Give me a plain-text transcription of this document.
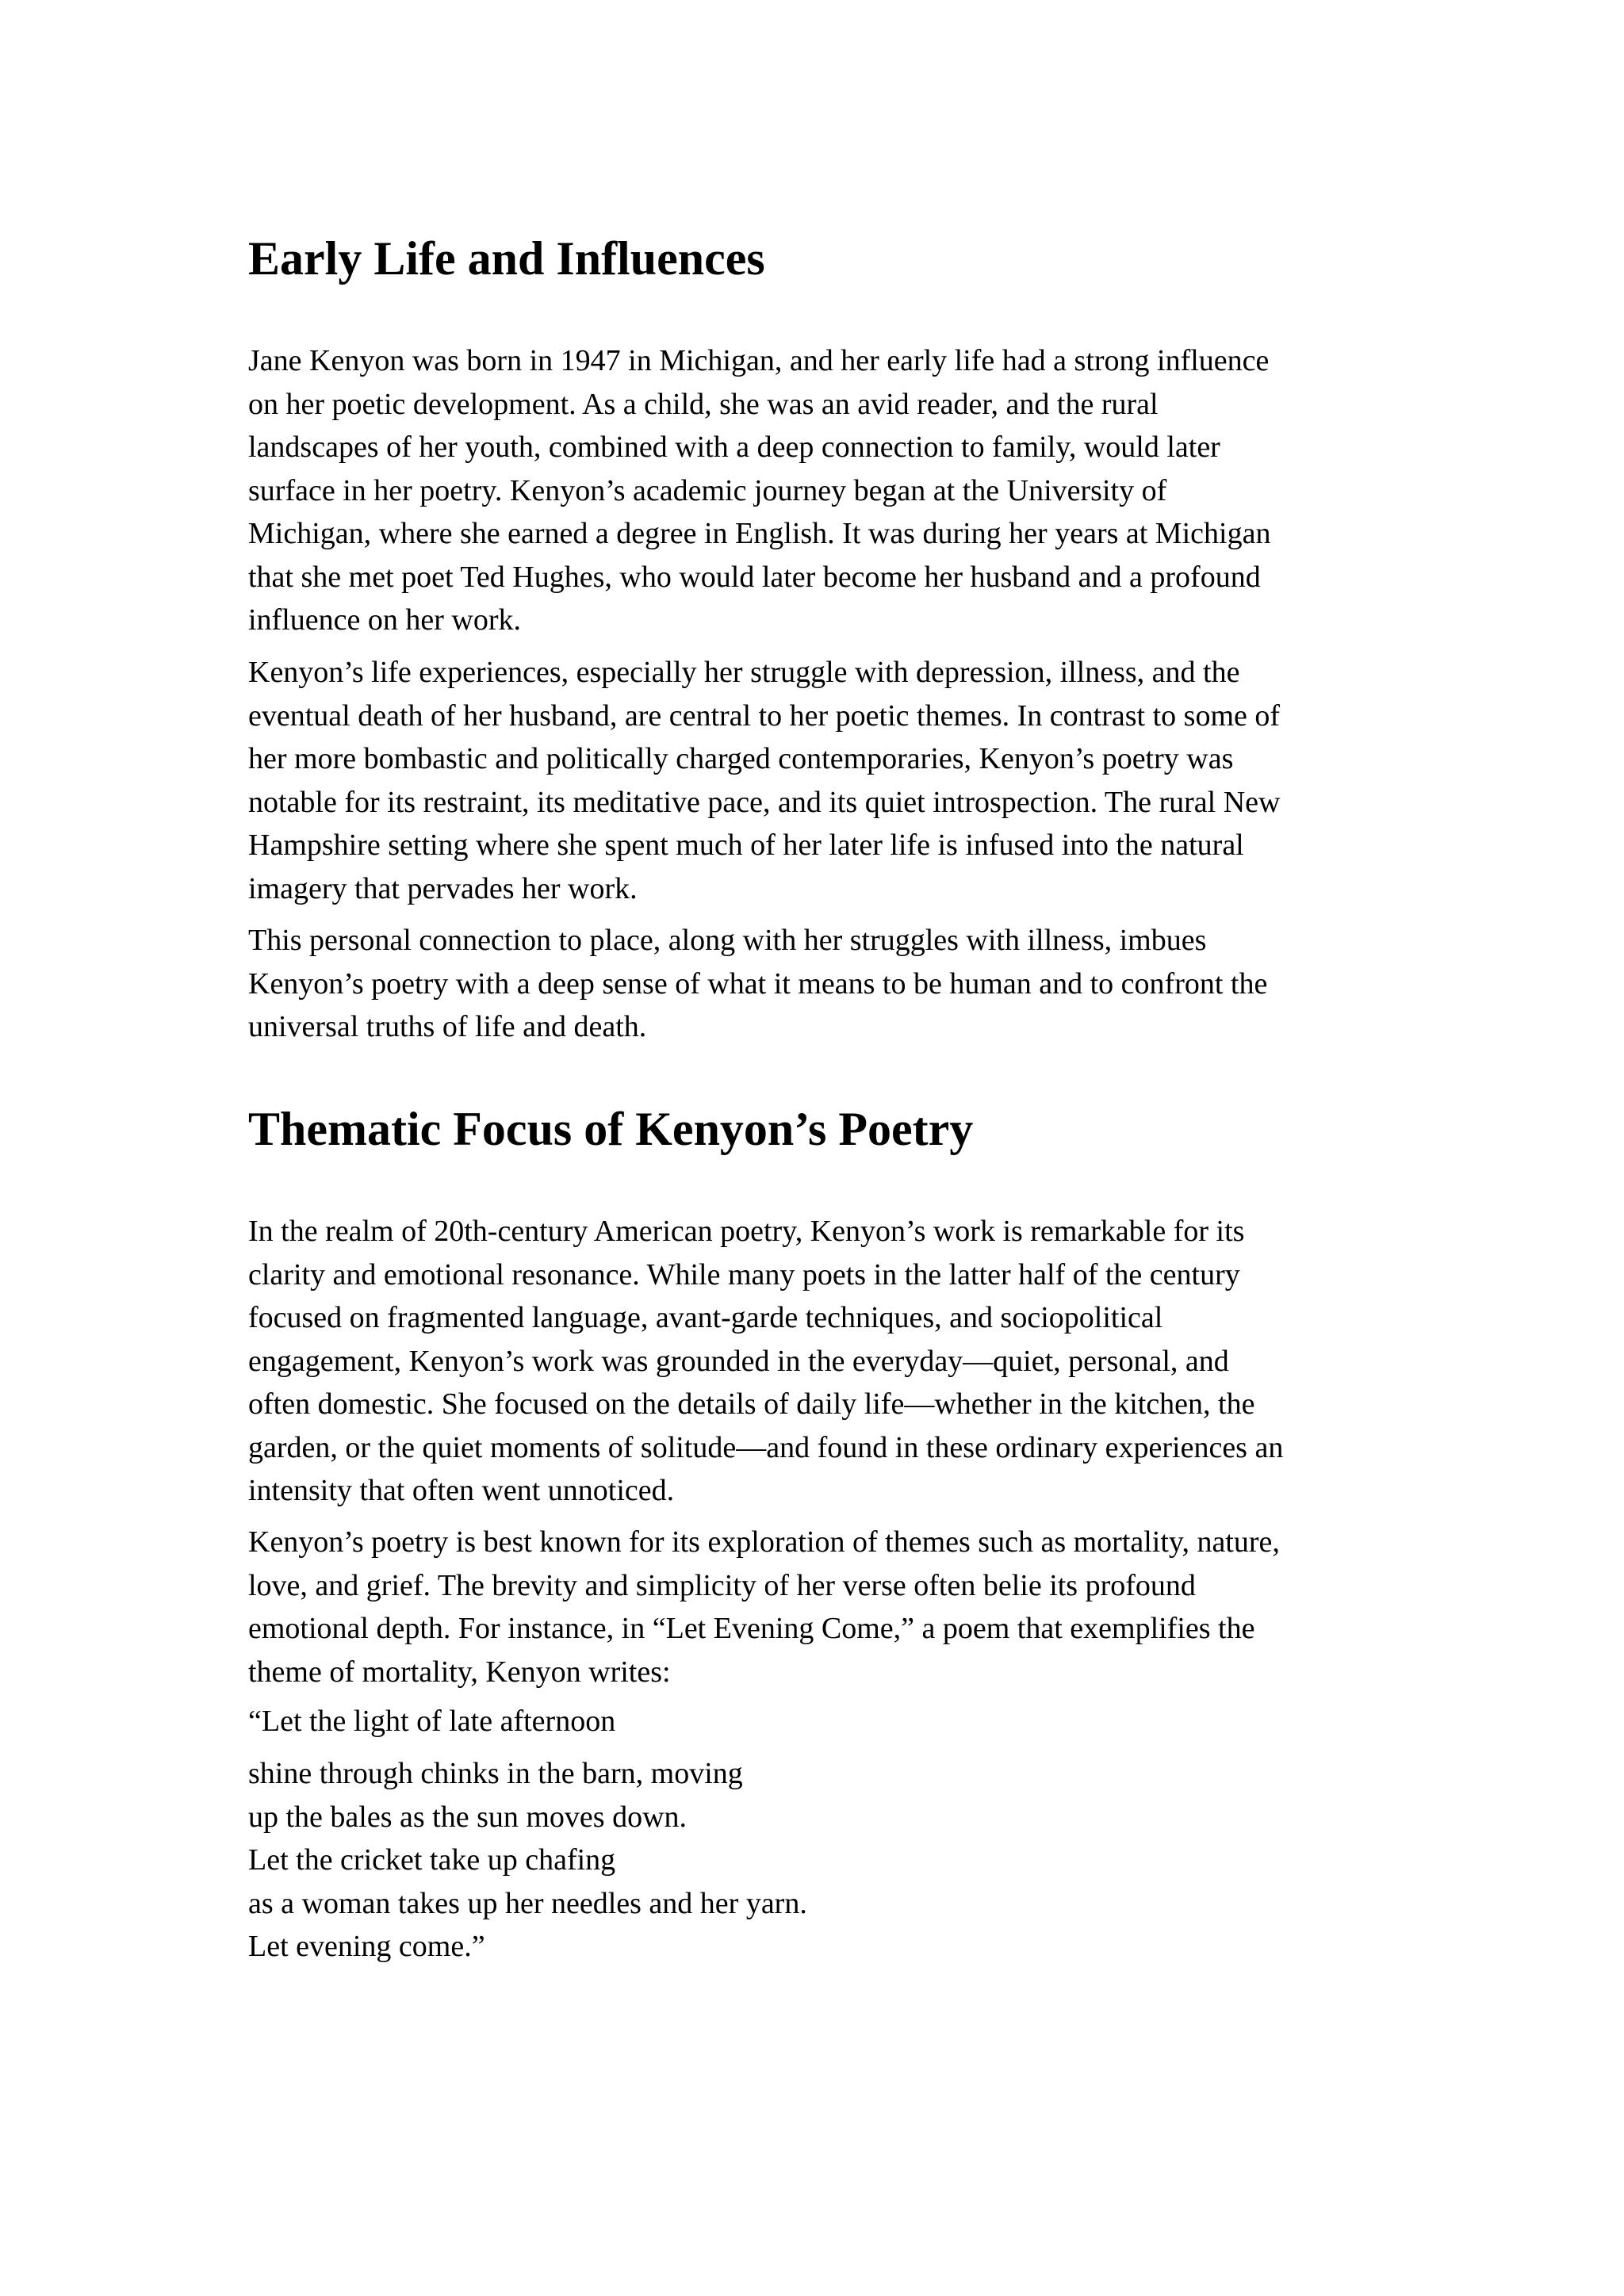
Early Life and Influences

Jane Kenyon was born in 1947 in Michigan, and her early life had a strong influence
on her poetic development. As a child, she was an avid reader, and the rural
landscapes of her youth, combined with a deep connection to family, would later
surface in her poetry. Kenyon’s academic journey began at the University of
Michigan, where she earned a degree in English. It was during her years at Michigan
that she met poet Ted Hughes, who would later become her husband and a profound
influence on her work.

Kenyon’s life experiences, especially her struggle with depression, illness, and the
eventual death of her husband, are central to her poetic themes. In contrast to some of
her more bombastic and politically charged contemporaries, Kenyon’s poetry was
notable for its restraint, its meditative pace, and its quiet introspection. The rural New
Hampshire setting where she spent much of her later life is infused into the natural
imagery that pervades her work.

This personal connection to place, along with her struggles with illness, imbues
Kenyon’s poetry with a deep sense of what it means to be human and to confront the
universal truths of life and death.

Thematic Focus of Kenyon’s Poetry

In the realm of 20th-century American poetry, Kenyon’s work is remarkable for its
clarity and emotional resonance. While many poets in the latter half of the century
focused on fragmented language, avant-garde techniques, and sociopolitical
engagement, Kenyon’s work was grounded in the everyday—quiet, personal, and
often domestic. She focused on the details of daily life—whether in the kitchen, the
garden, or the quiet moments of solitude—and found in these ordinary experiences an
intensity that often went unnoticed.

Kenyon’s poetry is best known for its exploration of themes such as mortality, nature,
love, and grief. The brevity and simplicity of her verse often belie its profound
emotional depth. For instance, in “Let Evening Come,” a poem that exemplifies the
theme of mortality, Kenyon writes:

“Let the light of late afternoon

shine through chinks in the barn, moving
up the bales as the sun moves down.
Let the cricket take up chafing
as a woman takes up her needles and her yarn.
Let evening come.”
